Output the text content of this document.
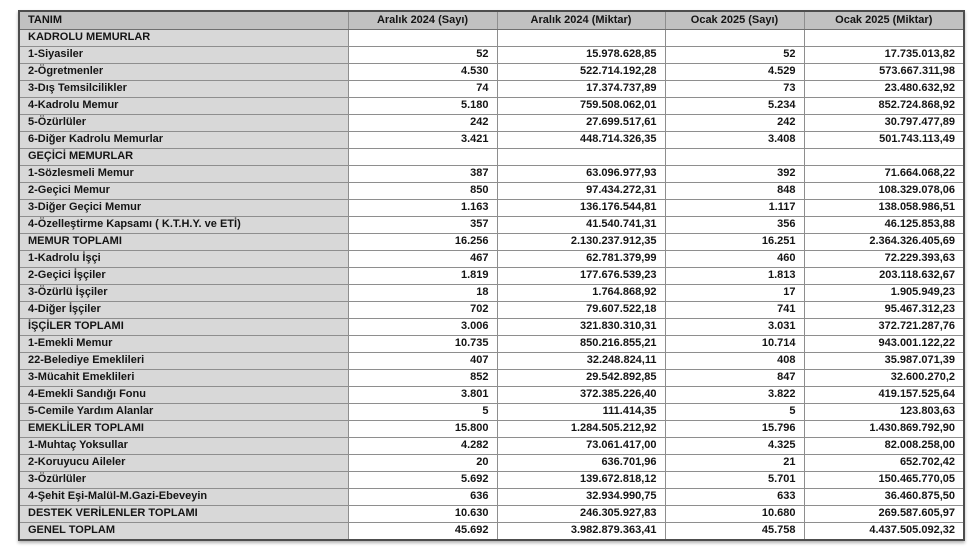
TANIM	Aralık 2024 (Sayı)	Aralık 2024 (Miktar)	Ocak 2025 (Sayı)	Ocak 2025 (Miktar)
KADROLU MEMURLAR				
1-Siyasiler	52	15.978.628,85	52	17.735.013,82
2-Ögretmenler	4.530	522.714.192,28	4.529	573.667.311,98
3-Dış Temsilcilikler	74	17.374.737,89	73	23.480.632,92
4-Kadrolu Memur	5.180	759.508.062,01	5.234	852.724.868,92
5-Özürlüler	242	27.699.517,61	242	30.797.477,89
6-Diğer Kadrolu Memurlar	3.421	448.714.326,35	3.408	501.743.113,49
GEÇİCİ MEMURLAR				
1-Sözlesmeli Memur	387	63.096.977,93	392	71.664.068,22
2-Geçici Memur	850	97.434.272,31	848	108.329.078,06
3-Diğer Geçici Memur	1.163	136.176.544,81	1.117	138.058.986,51
4-Özelleştirme Kapsamı ( K.T.H.Y. ve ETİ)	357	41.540.741,31	356	46.125.853,88
MEMUR TOPLAMI	16.256	2.130.237.912,35	16.251	2.364.326.405,69
1-Kadrolu İşçi	467	62.781.379,99	460	72.229.393,63
2-Geçici İşçiler	1.819	177.676.539,23	1.813	203.118.632,67
3-Özürlü İşçiler	18	1.764.868,92	17	1.905.949,23
4-Diğer İşçiler	702	79.607.522,18	741	95.467.312,23
İŞÇİLER TOPLAMI	3.006	321.830.310,31	3.031	372.721.287,76
1-Emekli Memur	10.735	850.216.855,21	10.714	943.001.122,22
22-Belediye Emeklileri	407	32.248.824,11	408	35.987.071,39
3-Mücahit Emeklileri	852	29.542.892,85	847	32.600.270,2
4-Emekli Sandığı Fonu	3.801	372.385.226,40	3.822	419.157.525,64
5-Cemile Yardım Alanlar	5	111.414,35	5	123.803,63
EMEKLİLER TOPLAMI	15.800	1.284.505.212,92	15.796	1.430.869.792,90
1-Muhtaç Yoksullar	4.282	73.061.417,00	4.325	82.008.258,00
2-Koruyucu Aileler	20	636.701,96	21	652.702,42
3-Özürlüler	5.692	139.672.818,12	5.701	150.465.770,05
4-Şehit Eşi-Malül-M.Gazi-Ebeveyin	636	32.934.990,75	633	36.460.875,50
DESTEK VERİLENLER TOPLAMI	10.630	246.305.927,83	10.680	269.587.605,97
GENEL TOPLAM	45.692	3.982.879.363,41	45.758	4.437.505.092,32
